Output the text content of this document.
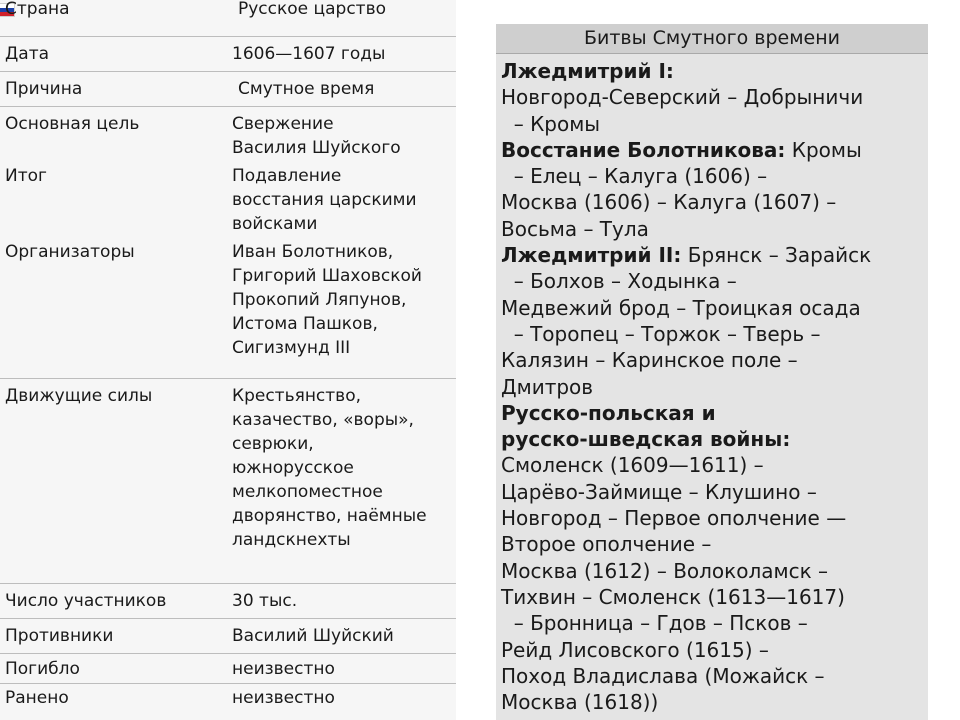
Страна	Русское царство
Дата	1606—1607 годы
Причина	Смутное время
Основная цель	Свержение
Василия Шуйского
Итог	Подавление
восстания царскими
войсками
Организаторы	Иван Болотников,
Григорий Шаховской
Прокопий Ляпунов,
Истома Пашков,
Сигизмунд III
Движущие силы	Крестьянство,
казачество, «воры»,
севрюки,
южнорусское
мелкопоместное
дворянство, наёмные
ландскнехты
Число участников	30 тыс.
Противники	Василий Шуйский
Погибло	неизвестно
Ранено	неизвестно
Битвы Смутного времени

Лжедмитрий I:

Новгород-Северский – Добрыничи

– Кромы

Восстание Болотникова: Кромы

– Елец – Калуга (1606) –

Москва (1606) – Калуга (1607) –

Восьма – Тула

Лжедмитрий II: Брянск – Зарайск

– Болхов – Ходынка –

Медвежий брод – Троицкая осада

– Торопец – Торжок – Тверь –

Калязин – Каринское поле –

Дмитров

Русско-польская и

русско-шведская войны:

Смоленск (1609—1611) –

Царёво-Займище – Клушино –

Новгород – Первое ополчение —

Второе ополчение –

Москва (1612) – Волоколамск –

Тихвин – Смоленск (1613—1617)

– Бронница – Гдов – Псков –

Рейд Лисовского (1615) –

Поход Владислава (Можайск –

Москва (1618))
